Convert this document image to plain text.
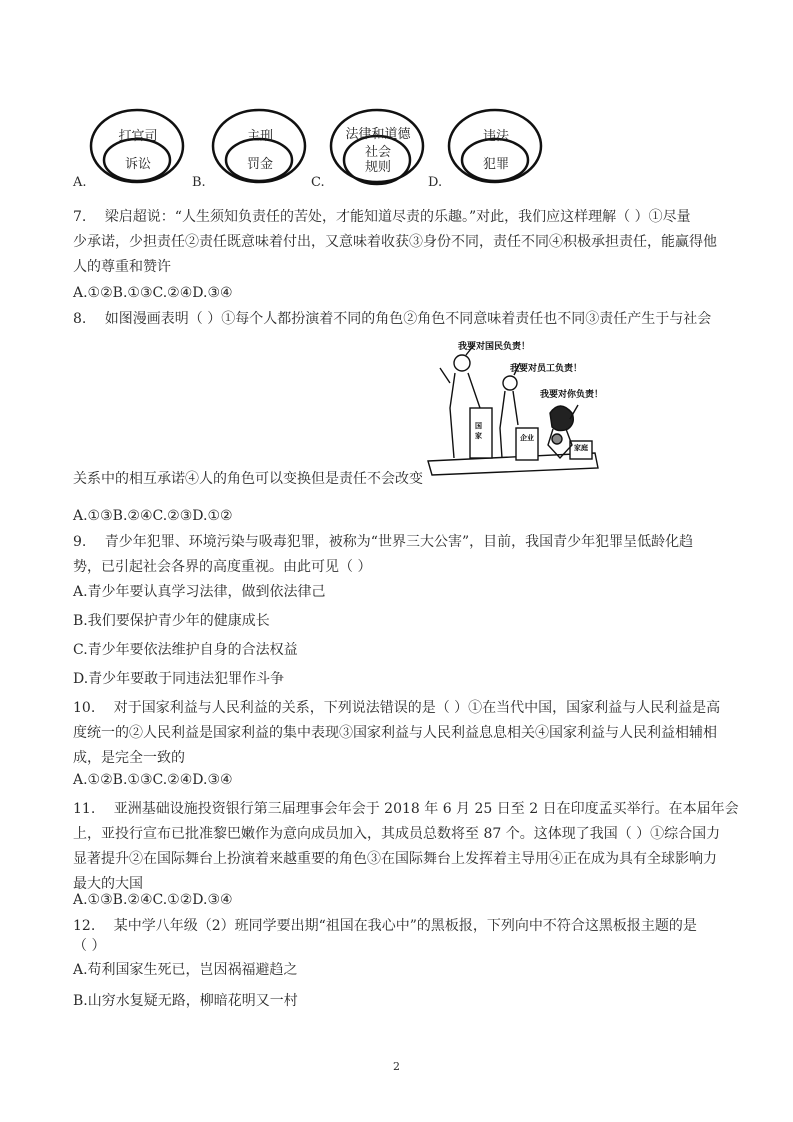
打官司
诉讼
A.
主刑
罚金
B.
法律和道德
社会
规则
C.
违法
犯罪
D.
7.　 梁启超说：“人生须知负责任的苦处，才能知道尽责的乐趣。”对此，我们应这样理解（ ）①尽量
少承诺，少担责任②责任既意味着付出，又意味着收获③身份不同，责任不同④积极承担责任，能赢得他
人的尊重和赞许
A.①②B.①③C.②④D.③④
8.　 如图漫画表明（ ）①每个人都扮演着不同的角色②角色不同意味着责任也不同③责任产生于与社会
我要对国民负责！
我要对员工负责！
我要对你负责！
国家	企业
家庭
关系中的相互承诺④人的角色可以变换但是责任不会改变
A.①③B.②④C.②③D.①②
9.　 青少年犯罪、环境污染与吸毒犯罪，被称为“世界三大公害”，目前，我国青少年犯罪呈低龄化趋
势，已引起社会各界的高度重视。由此可见（ ）
A.青少年要认真学习法律，做到依法律己
B.我们要保护青少年的健康成长
C.青少年要依法维护自身的合法权益
D.青少年要敢于同违法犯罪作斗争
10.　 对于国家利益与人民利益的关系，下列说法错误的是（ ）①在当代中国，国家利益与人民利益是高
度统一的②人民利益是国家利益的集中表现③国家利益与人民利益息息相关④国家利益与人民利益相辅相
成，是完全一致的
A.①②B.①③C.②④D.③④
11.　 亚洲基础设施投资银行第三届理事会年会于 2018 年 6 月 25 日至 2 日在印度孟买举行。在本届年会
上，亚投行宣布已批准黎巴嫩作为意向成员加入，其成员总数将至 87 个。这体现了我国（ ）①综合国力
显著提升②在国际舞台上扮演着来越重要的角色③在国际舞台上发挥着主导用④正在成为具有全球影响力
最大的大国
A.①③B.②④C.①②D.③④
12.　 某中学八年级（2）班同学要出期“祖国在我心中”的黑板报，下列向中不符合这黑板报主题的是
（ ）
A.苟利国家生死已，岂因祸福避趋之
B.山穷水复疑无路，柳暗花明又一村
2
